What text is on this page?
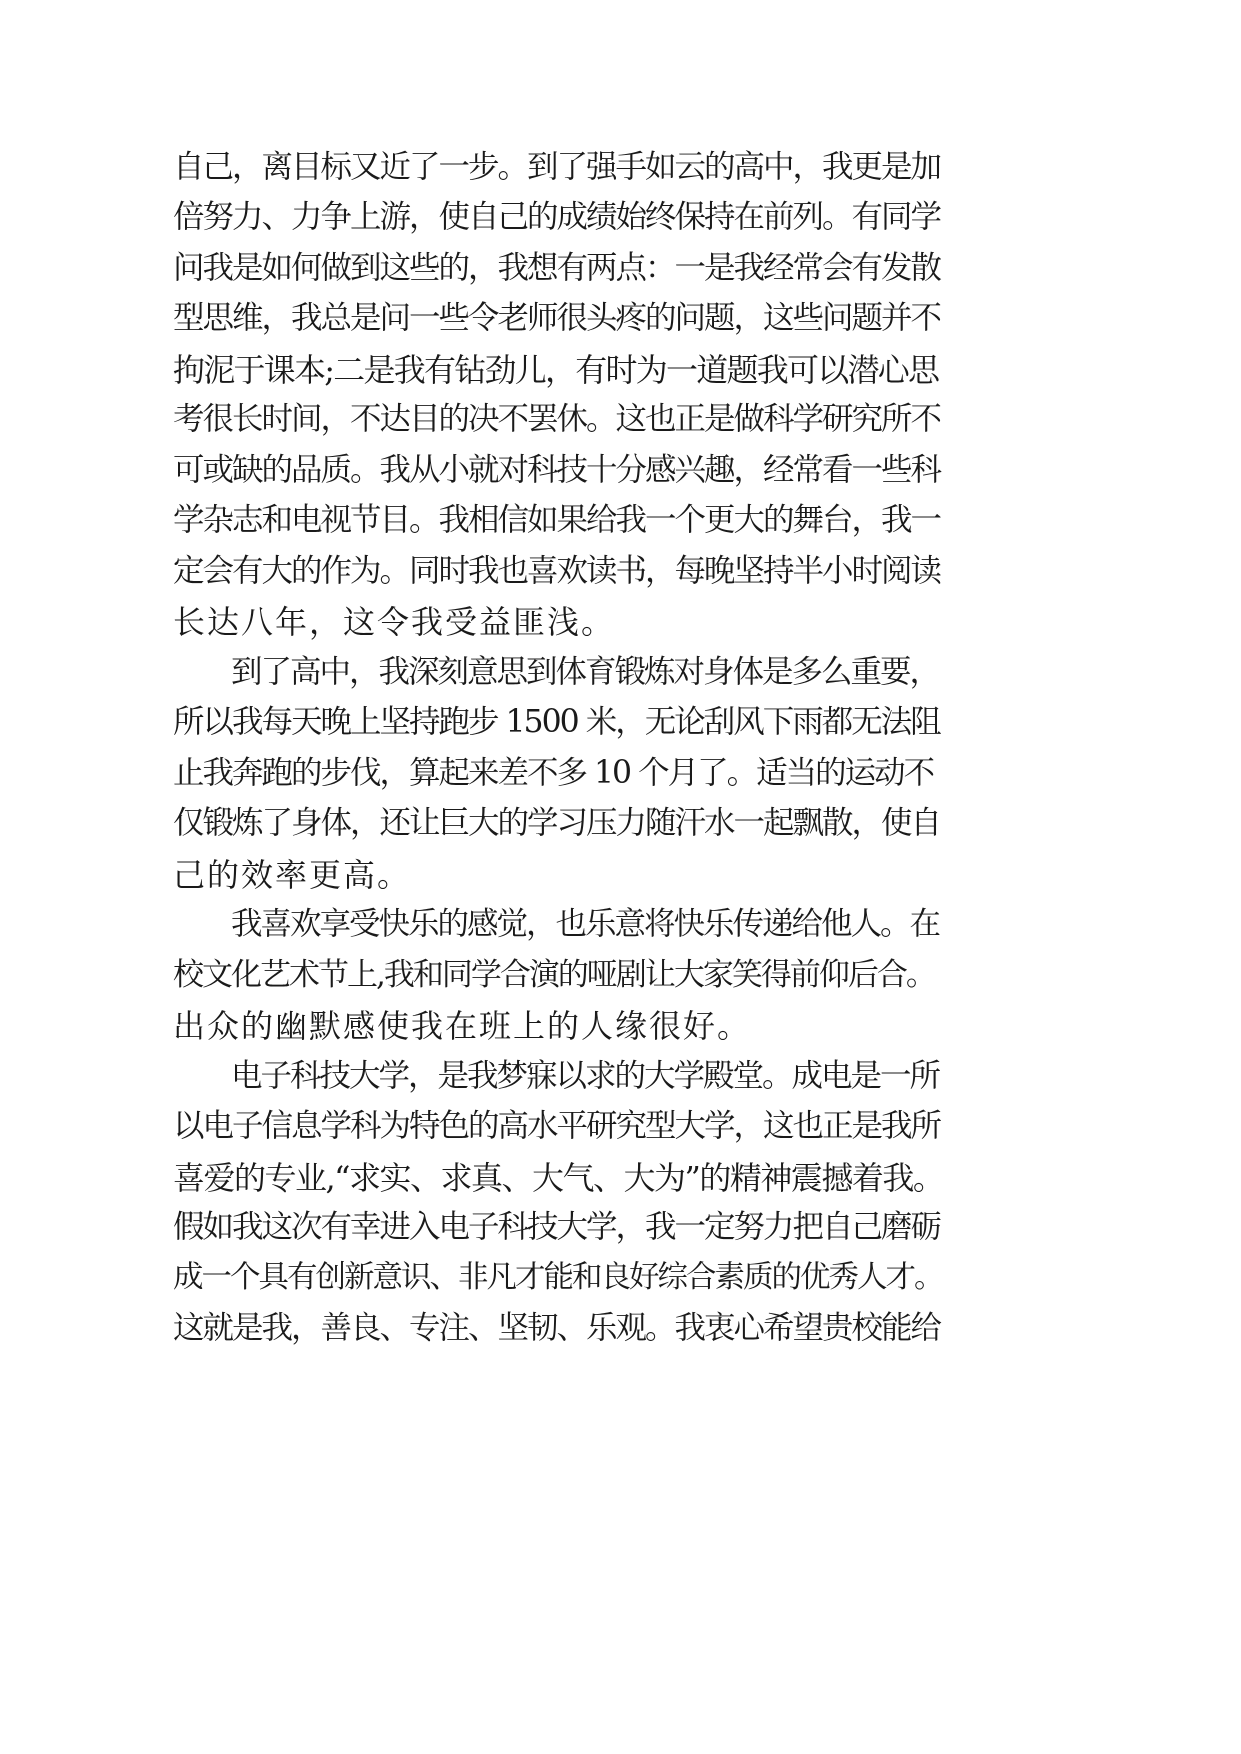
自己，离目标又近了一步。到了强手如云的高中，我更是加
倍努力、力争上游，使自己的成绩始终保持在前列。有同学
问我是如何做到这些的，我想有两点：一是我经常会有发散
型思维，我总是问一些令老师很头疼的问题，这些问题并不
拘泥于课本;二是我有钻劲儿，有时为一道题我可以潜心思
考很长时间，不达目的决不罢休。这也正是做科学研究所不
可或缺的品质。我从小就对科技十分感兴趣，经常看一些科
学杂志和电视节目。我相信如果给我一个更大的舞台，我一
定会有大的作为。同时我也喜欢读书，每晚坚持半小时阅读
长达八年，这令我受益匪浅。
到了高中，我深刻意思到体育锻炼对身体是多么重要，
所以我每天晚上坚持跑步 1500 米，无论刮风下雨都无法阻
止我奔跑的步伐，算起来差不多 10 个月了。适当的运动不
仅锻炼了身体，还让巨大的学习压力随汗水一起飘散，使自
己的效率更高。
我喜欢享受快乐的感觉，也乐意将快乐传递给他人。在
校文化艺术节上,我和同学合演的哑剧让大家笑得前仰后合。
出众的幽默感使我在班上的人缘很好。
电子科技大学，是我梦寐以求的大学殿堂。成电是一所
以电子信息学科为特色的高水平研究型大学，这也正是我所
喜爱的专业,“求实、求真、大气、大为”的精神震撼着我。
假如我这次有幸进入电子科技大学，我一定努力把自己磨砺
成一个具有创新意识、非凡才能和良好综合素质的优秀人才。
这就是我，善良、专注、坚韧、乐观。我衷心希望贵校能给
